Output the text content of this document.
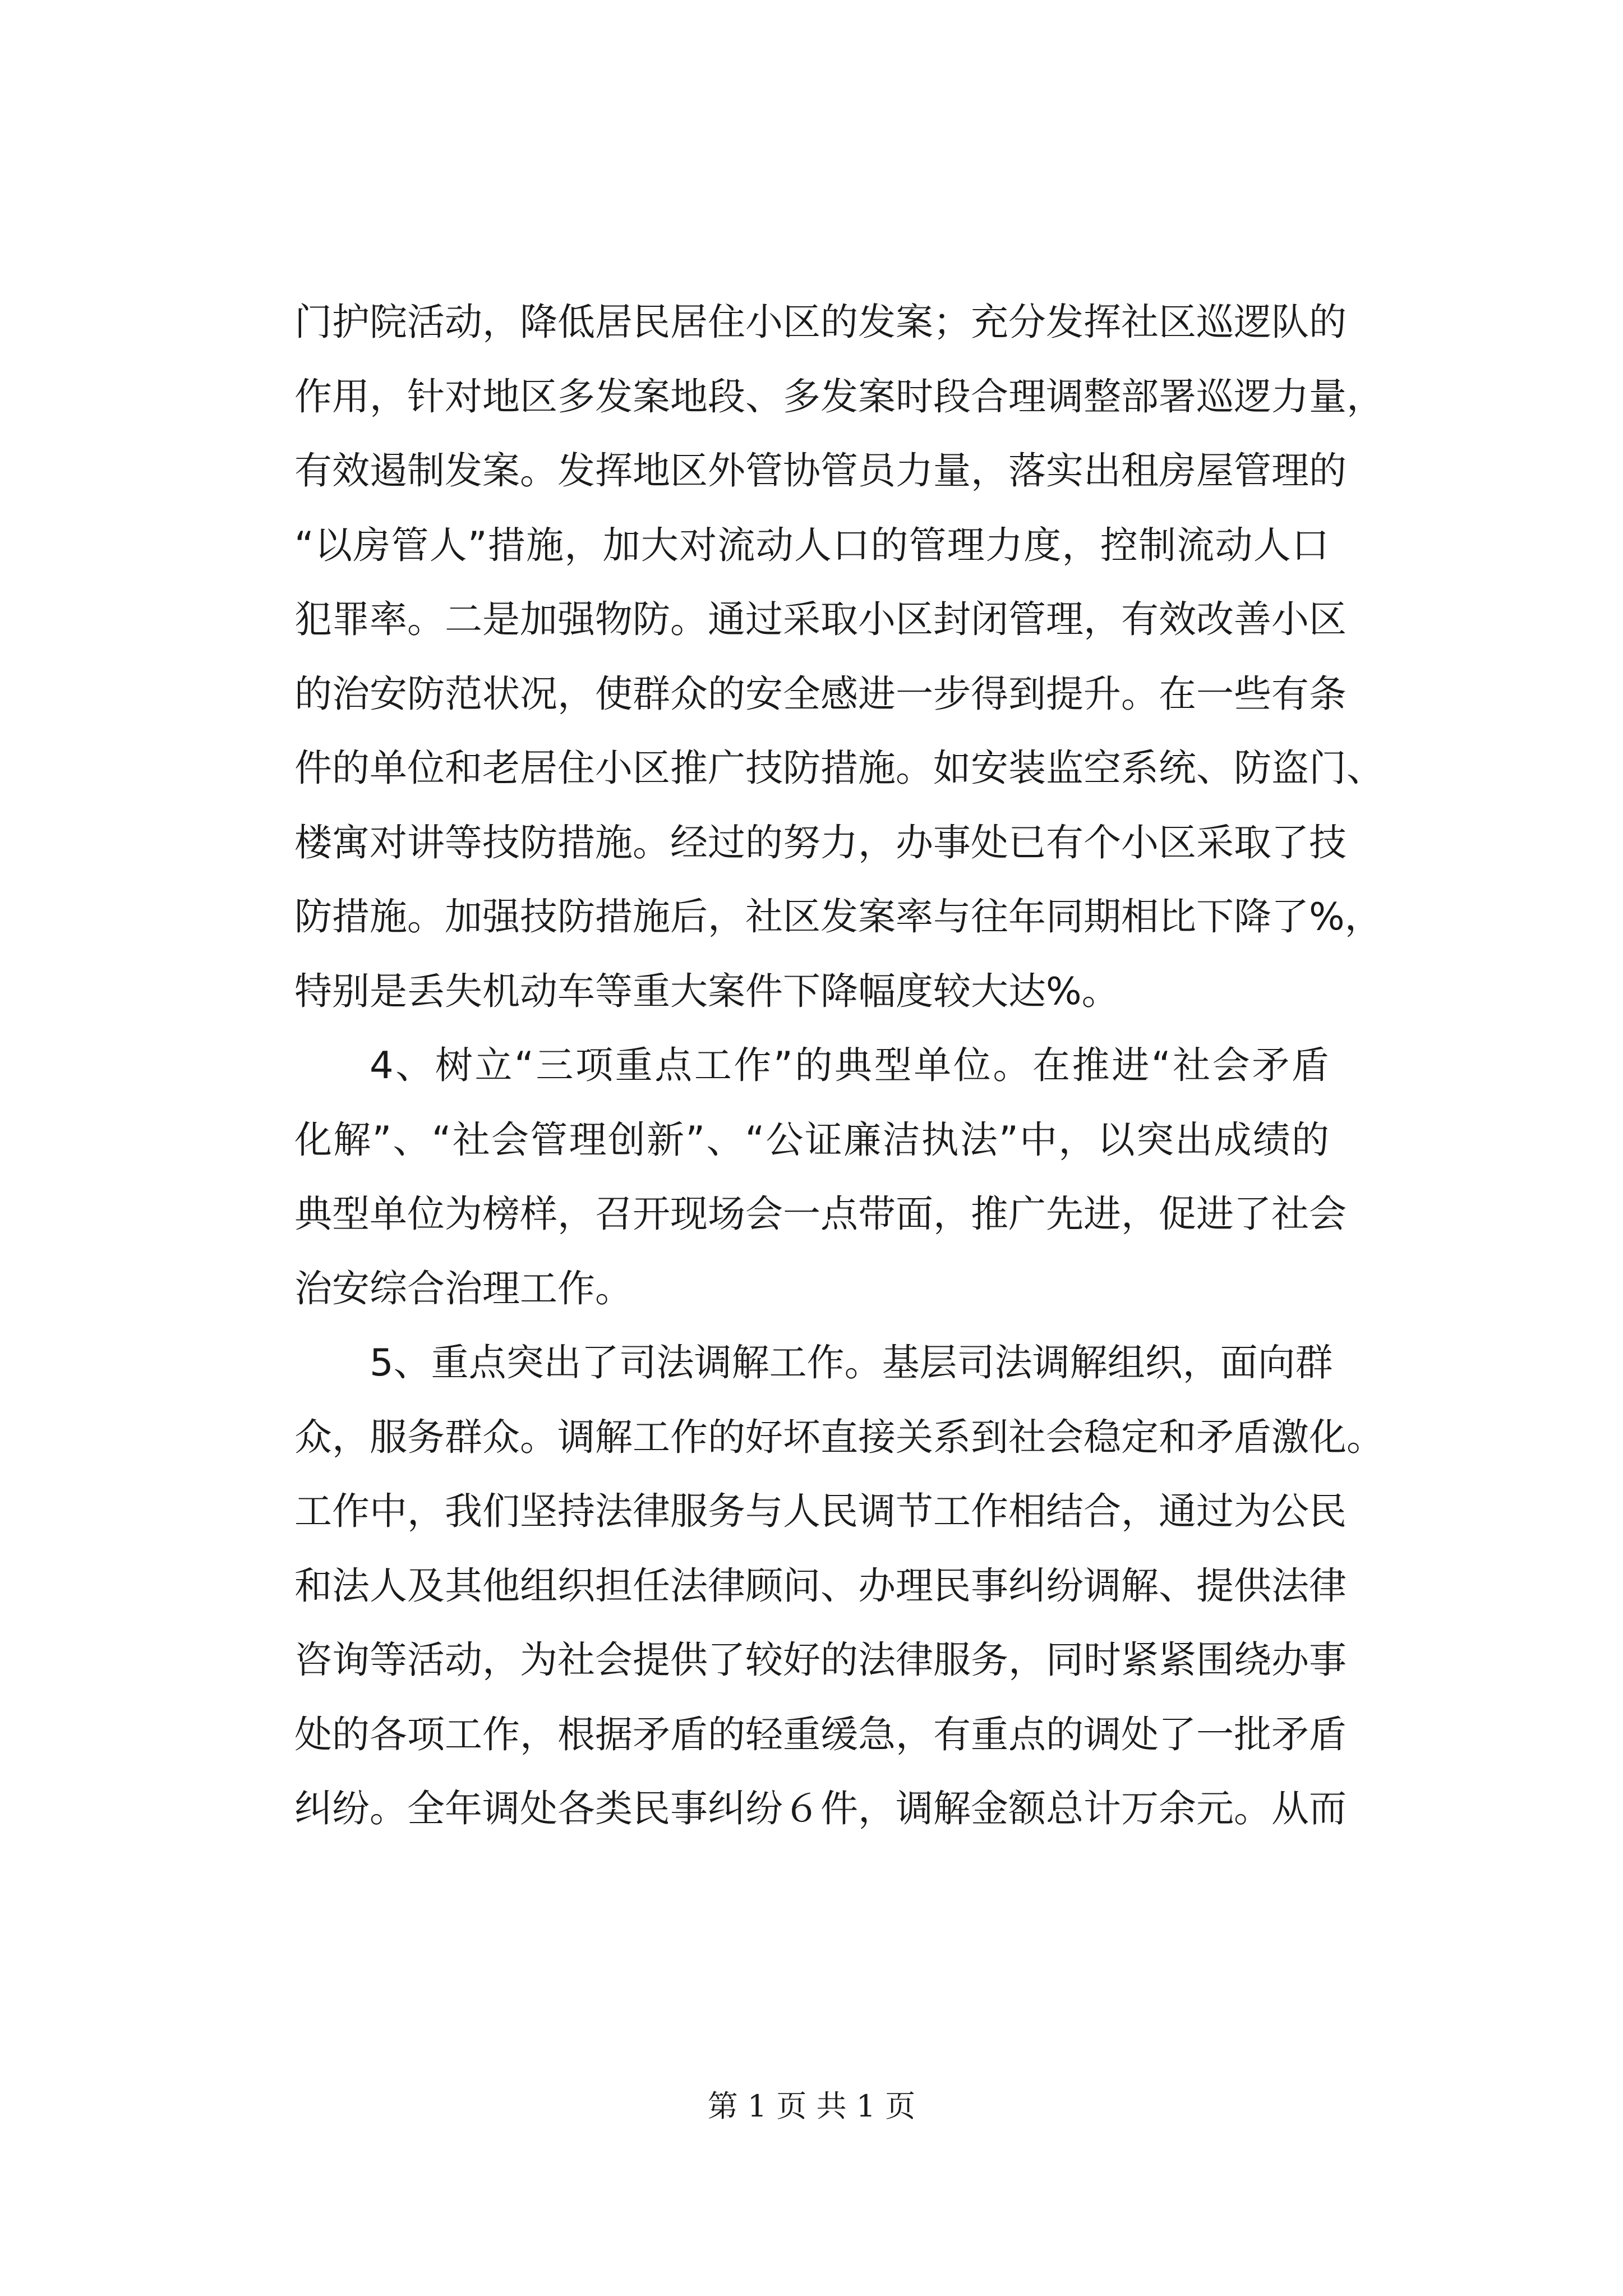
门护院活动，降低居民居住小区的发案；充分发挥社区巡逻队的
作用，针对地区多发案地段、多发案时段合理调整部署巡逻力量，
有效遏制发案。发挥地区外管协管员力量，落实出租房屋管理的
“以房管人”措施，加大对流动人口的管理力度，控制流动人口
犯罪率。二是加强物防。通过采取小区封闭管理，有效改善小区
的治安防范状况，使群众的安全感进一步得到提升。在一些有条
件的单位和老居住小区推广技防措施。如安装监空系统、防盗门、
楼寓对讲等技防措施。经过的努力，办事处已有个小区采取了技
防措施。加强技防措施后，社区发案率与往年同期相比下降了%，
特别是丢失机动车等重大案件下降幅度较大达%。
4、树立“三项重点工作”的典型单位。在推进“社会矛盾
化解”、“社会管理创新”、“公证廉洁执法”中，以突出成绩的
典型单位为榜样，召开现场会一点带面，推广先进，促进了社会
治安综合治理工作。
5、重点突出了司法调解工作。基层司法调解组织，面向群
众，服务群众。调解工作的好坏直接关系到社会稳定和矛盾激化。
工作中，我们坚持法律服务与人民调节工作相结合，通过为公民
和法人及其他组织担任法律顾问、办理民事纠纷调解、提供法律
咨询等活动，为社会提供了较好的法律服务，同时紧紧围绕办事
处的各项工作，根据矛盾的轻重缓急，有重点的调处了一批矛盾
纠纷。全年调处各类民事纠纷６件，调解金额总计万余元。从而
第 1 页 共 1 页
